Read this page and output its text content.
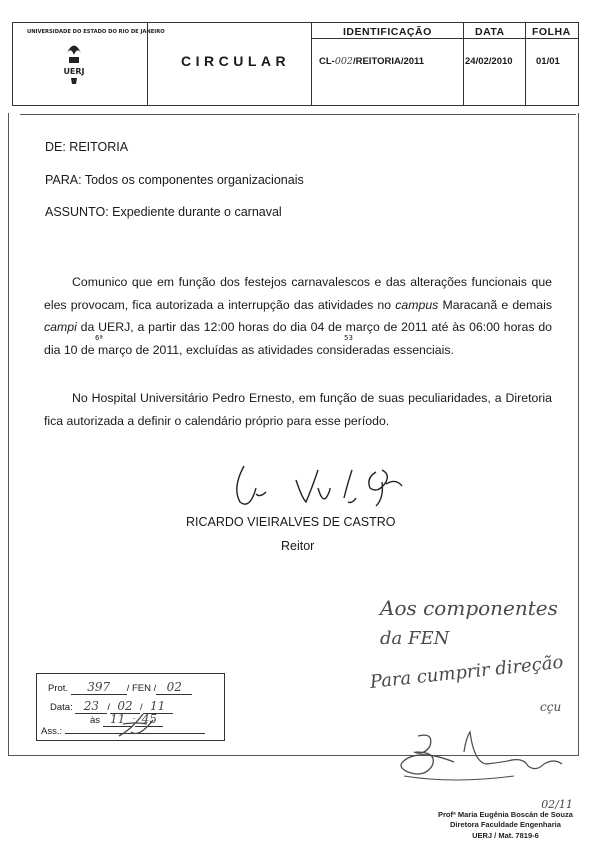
UNIVERSIDADE DO ESTADO DO RIO DE JANEIRO
UERJ
CIRCULAR
IDENTIFICAÇÃO	DATA	FOLHA
CL-002/REITORIA/2011	24/02/2010 01/01
DE: REITORIA
PARA: Todos os componentes organizacionais
ASSUNTO: Expediente durante o carnaval
Comunico que em função dos festejos carnavalescos e das alterações funcionais que eles provocam, fica autorizada a interrupção das atividades no campus Maracanã e demais campi da UERJ, a partir das 12:00 horas do dia 04 de março de 2011 até às 06:00 horas do dia 10 de março de 2011, excluídas as atividades consideradas essenciais.
6ª	53
No Hospital Universitário Pedro Ernesto, em função de suas peculiaridades, a Diretoria fica autorizada a definir o calendário próprio para esse período.
RICARDO VIEIRALVES DE CASTRO
Reitor
Aos componentes
da FEN
Para cumprir direção
cçu
Prot. 397 / FEN / 02
Data: 23 / 02 / 11
às 11 : 45
Ass.:
02/11
Profª Maria Eugênia Boscán de Souza
Diretora Faculdade Engenharia
UERJ / Mat. 7819-6
